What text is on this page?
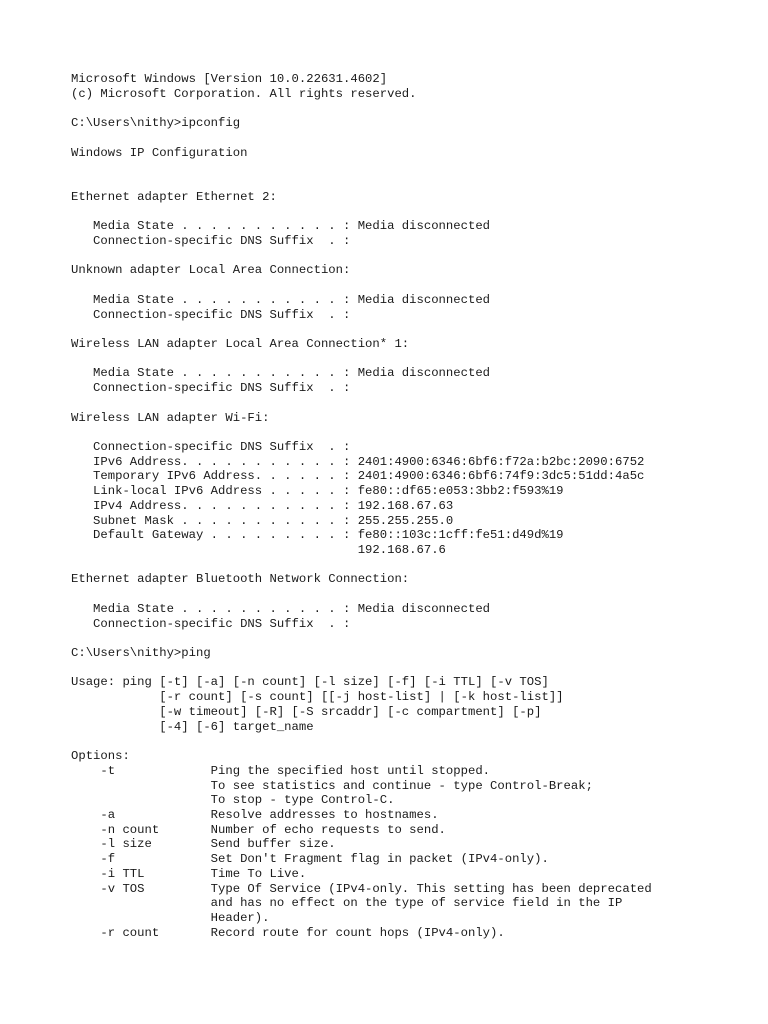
Microsoft Windows [Version 10.0.22631.4602]
(c) Microsoft Corporation. All rights reserved.
C:\Users\nithy>ipconfig
Windows IP Configuration
Ethernet adapter Ethernet 2:
Media State . . . . . . . . . . . : Media disconnected
Connection-specific DNS Suffix  . :
Unknown adapter Local Area Connection:
Media State . . . . . . . . . . . : Media disconnected
Connection-specific DNS Suffix  . :
Wireless LAN adapter Local Area Connection* 1:
Media State . . . . . . . . . . . : Media disconnected
Connection-specific DNS Suffix  . :
Wireless LAN adapter Wi-Fi:
Connection-specific DNS Suffix  . :
IPv6 Address. . . . . . . . . . . : 2401:4900:6346:6bf6:f72a:b2bc:2090:6752
Temporary IPv6 Address. . . . . . : 2401:4900:6346:6bf6:74f9:3dc5:51dd:4a5c
Link-local IPv6 Address . . . . . : fe80::df65:e053:3bb2:f593%19
IPv4 Address. . . . . . . . . . . : 192.168.67.63
Subnet Mask . . . . . . . . . . . : 255.255.255.0
Default Gateway . . . . . . . . . : fe80::103c:1cff:fe51:d49d%19
192.168.67.6
Ethernet adapter Bluetooth Network Connection:
Media State . . . . . . . . . . . : Media disconnected
Connection-specific DNS Suffix  . :
C:\Users\nithy>ping
Usage: ping [-t] [-a] [-n count] [-l size] [-f] [-i TTL] [-v TOS]
[-r count] [-s count] [[-j host-list] | [-k host-list]]
[-w timeout] [-R] [-S srcaddr] [-c compartment] [-p]
[-4] [-6] target_name
Options:
-t             Ping the specified host until stopped.
To see statistics and continue - type Control-Break;
To stop - type Control-C.
-a             Resolve addresses to hostnames.
-n count       Number of echo requests to send.
-l size        Send buffer size.
-f             Set Don't Fragment flag in packet (IPv4-only).
-i TTL         Time To Live.
-v TOS         Type Of Service (IPv4-only. This setting has been deprecated
and has no effect on the type of service field in the IP
Header).
-r count       Record route for count hops (IPv4-only).
